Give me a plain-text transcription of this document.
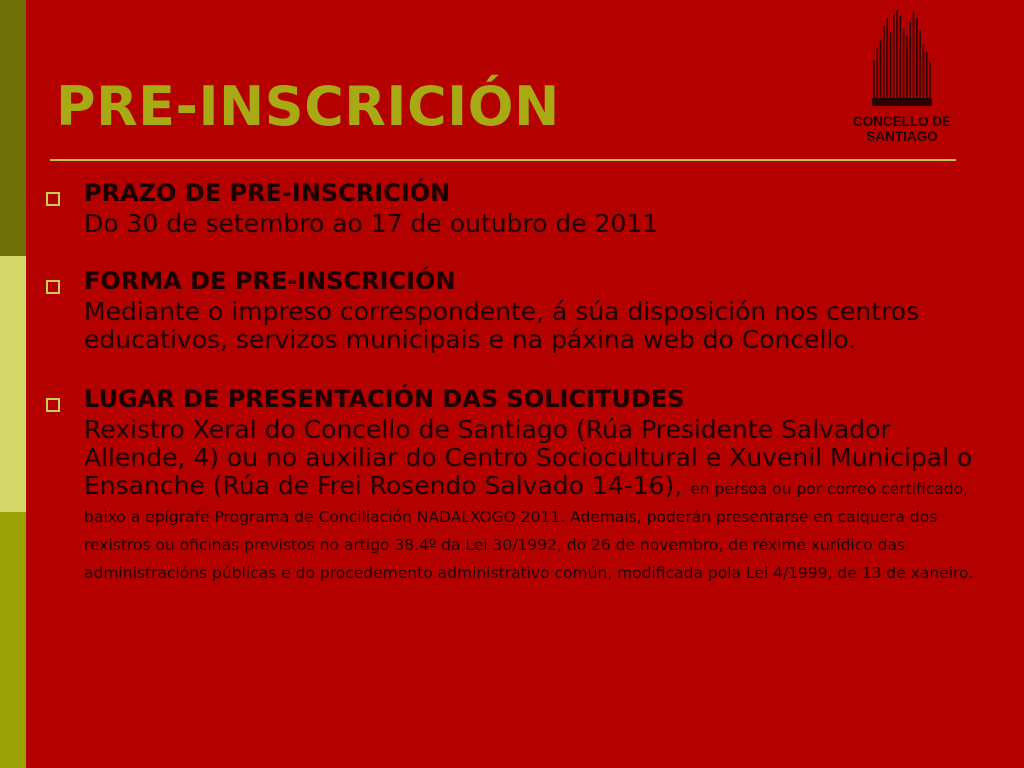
PRE-INSCRICIÓN	CONCELLO DE
SANTIAGO
PRAZO DE PRE-INSCRICIÓN
Do 30 de setembro ao 17 de outubro de 2011
FORMA DE PRE-INSCRICIÓN
Mediante o impreso correspondente, á súa disposición nos centros educativos, servizos municipais e na páxina web do Concello.
LUGAR DE PRESENTACIÓN DAS SOLICITUDES
Rexistro Xeral do Concello de Santiago (Rúa Presidente Salvador Allende, 4) ou no auxiliar do Centro Sociocultural e Xuvenil Municipal o Ensanche (Rúa de Frei Rosendo Salvado 14-16), en persoa ou por correo certificado, baixo a epígrafe Programa de Conciliación NADALXOGO 2011. Ademais, poderán presentarse en calquera dos rexistros ou oficinas previstos no artigo 38.4º da Lei 30/1992, do 26 de novembro, de réxime xurídico das administracións públicas e do procedemento administrativo común, modificada pola Lei 4/1999, de 13 de xaneiro.
